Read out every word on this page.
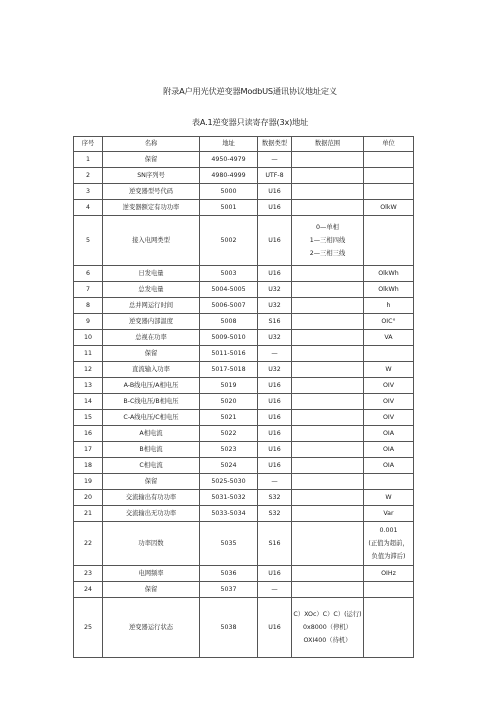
附录A户用光伏逆变器ModbUS通讯协议地址定义
表A.1逆变器只读寄存器(3x)地址
序号	名称	地址	数据类型	数据范围	单位
1	保留	4950-4979	—		
2	SN序列号	4980-4999	UTF-8		
3	逆变器型号代码	5000	U16		
4	逆变器额定有功功率	5001	U16		OlkW
5	接入电网类型	5002	U16	0—单相
1—三相四线
2—三相三线	

6	日发电量	5003	U16		OlkWh
7	总发电量	5004-5005	U32		OlkWh
8	总并网运行时间	5006-5007	U32		h
9	逆变器内部温度	5008	S16		OIC°
10	总视在功率	5009-5010	U32		VA
11	保留	5011-5016	—		
12	直流输入功率	5017-5018	U32		W
13	A-B线电压/A相电压	5019	U16		OIV
14	B-C线电压/B相电压	5020	U16		OIV
15	C-A线电压/C相电压	5021	U16		OIV
16	A相电流	5022	U16		OIA
17	B相电流	5023	U16		OIA
18	C相电流	5024	U16		OIA
19	保留	5025-5030	—		
20	交流输出有功功率	5031-5032	S32		W
21	交流输出无功功率	5033-5034	S32		Var
22	功率因数	5035	S16		0.001
(正值为超前，
负值为滞后)

23	电网频率	5036	U16		OIHz
24	保留	5037	—		
25	逆变器运行状态	5038	U16	C）XOc）C）C）(运行)
0x8000（停机）
OXI400（待机）	
